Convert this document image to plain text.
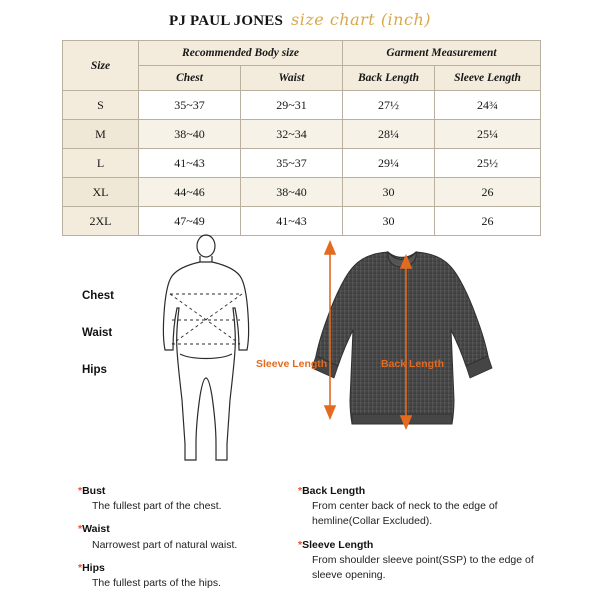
PJ PAUL JONES size chart (inch)
Size	Recommended Body size		Garment Measurement	
	Chest	Waist	Back Length	Sleeve Length
S	35~37	29~31	27½	24¾
M	38~40	32~34	28¼	25¼
L	41~43	35~37	29¼	25½
XL	44~46	38~40	30	26
2XL	47~49	41~43	30	26
Chest
Waist
Hips	Sleeve Length	Back Length
*Bust
The fullest part of the chest.
*Waist
Narrowest part of natural waist.
*Hips
The fullest parts of the hips.
*Back Length
From center back of neck to the edge of hemline(Collar Excluded).
*Sleeve Length
From shoulder sleeve point(SSP) to the edge of sleeve opening.
